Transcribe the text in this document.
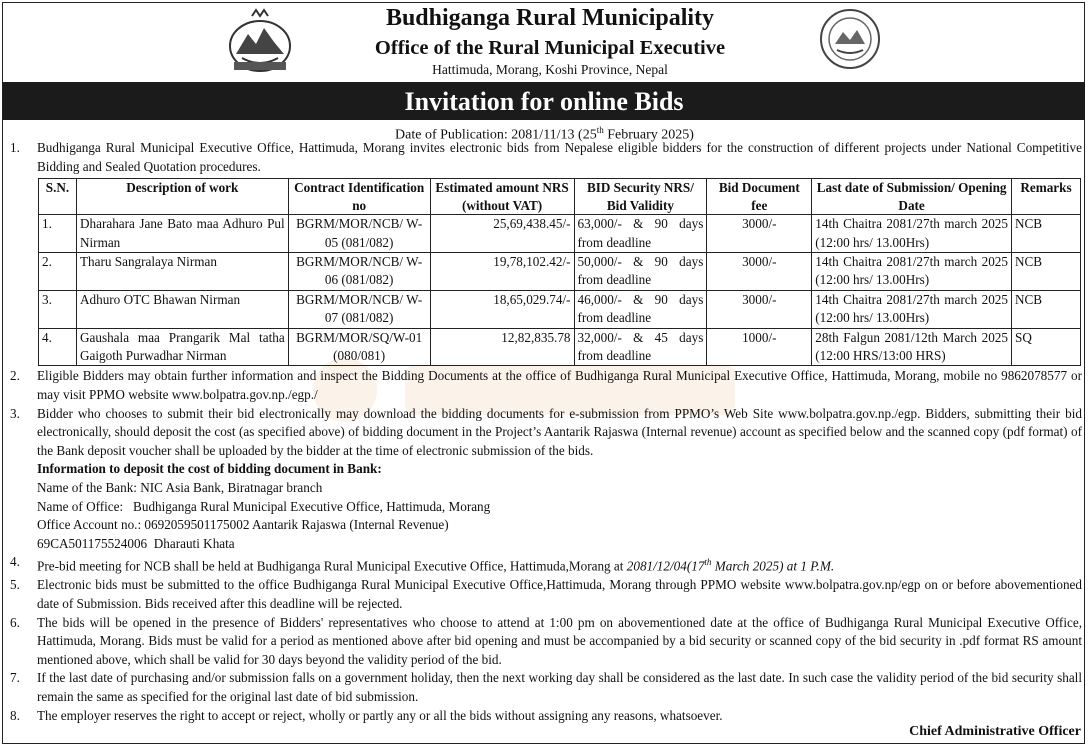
Budhiganga Rural Municipality
Office of the Rural Municipal Executive
Hattimuda, Morang, Koshi Province, Nepal
Invitation for online Bids
Date of Publication: 2081/11/13 (25th February 2025)
1.	Budhiganga Rural Municipal Executive Office, Hattimuda, Morang invites electronic bids from Nepalese eligible bidders for the construction of different projects under National Competitive Bidding and Sealed Quotation procedures.
S.N.	Description of work	Contract Identification no	Estimated amount NRS (without VAT)	BID Security NRS/ Bid Validity	Bid Document fee	Last date of Submission/ Opening Date	Remarks
1.	Dharahara Jane Bato maa Adhuro Pul Nirman	BGRM/MOR/NCB/ W-05 (081/082)	25,69,438.45/-	63,000/- & 90 days from deadline	3000/-	14th Chaitra 2081/27th march 2025 (12:00 hrs/ 13.00Hrs)	NCB
2.	Tharu Sangralaya Nirman	BGRM/MOR/NCB/ W-06 (081/082)	19,78,102.42/-	50,000/- & 90 days from deadline	3000/-	14th Chaitra 2081/27th march 2025 (12:00 hrs/ 13.00Hrs)	NCB
3.	Adhuro OTC Bhawan Nirman	BGRM/MOR/NCB/ W-07 (081/082)	18,65,029.74/-	46,000/- & 90 days from deadline	3000/-	14th Chaitra 2081/27th march 2025 (12:00 hrs/ 13.00Hrs)	NCB
4.	Gaushala maa Prangarik Mal tatha Gaigoth Purwadhar Nirman	BGRM/MOR/SQ/W-01 (080/081)	12,82,835.78	32,000/- & 45 days from deadline	1000/-	28th Falgun 2081/12th March 2025 (12:00 HRS/13:00 HRS)	SQ
2.	Eligible Bidders may obtain further information and inspect the Bidding Documents at the office of Budhiganga Rural Municipal Executive Office, Hattimuda, Morang, mobile no 9862078577 or may visit PPMO website www.bolpatra.gov.np./egp./
3.	Bidder who chooses to submit their bid electronically may download the bidding documents for e-submission from PPMO’s Web Site www.bolpatra.gov.np./egp. Bidders, submitting their bid electronically, should deposit the cost (as specified above) of bidding document in the Project’s Aantarik Rajaswa (Internal revenue) account as specified below and the scanned copy (pdf format) of the Bank deposit voucher shall be uploaded by the bidder at the time of electronic submission of the bids.
Information to deposit the cost of bidding document in Bank:
Name of the Bank: NIC Asia Bank, Biratnagar branch
Name of Office:   Budhiganga Rural Municipal Executive Office, Hattimuda, Morang
Office Account no.: 0692059501175002 Aantarik Rajaswa (Internal Revenue)
69CA501175524006  Dharauti Khata
4.	Pre-bid meeting for NCB shall be held at Budhiganga Rural Municipal Executive Office, Hattimuda,Morang at 2081/12/04(17th March 2025) at 1 P.M.
5.	Electronic bids must be submitted to the office Budhiganga Rural Municipal Executive Office,Hattimuda, Morang through PPMO website www.bolpatra.gov.np/egp on or before abovementioned date of Submission. Bids received after this deadline will be rejected.
6.	The bids will be opened in the presence of Bidders' representatives who choose to attend at 1:00 pm on abovementioned date at the office of Budhiganga Rural Municipal Executive Office, Hattimuda, Morang. Bids must be valid for a period as mentioned above after bid opening and must be accompanied by a bid security or scanned copy of the bid security in .pdf format RS amount mentioned above, which shall be valid for 30 days beyond the validity period of the bid.
7.	If the last date of purchasing and/or submission falls on a government holiday, then the next working day shall be considered as the last date. In such case the validity period of the bid security shall remain the same as specified for the original last date of bid submission.
8.	The employer reserves the right to accept or reject, wholly or partly any or all the bids without assigning any reasons, whatsoever.
Chief Administrative Officer
